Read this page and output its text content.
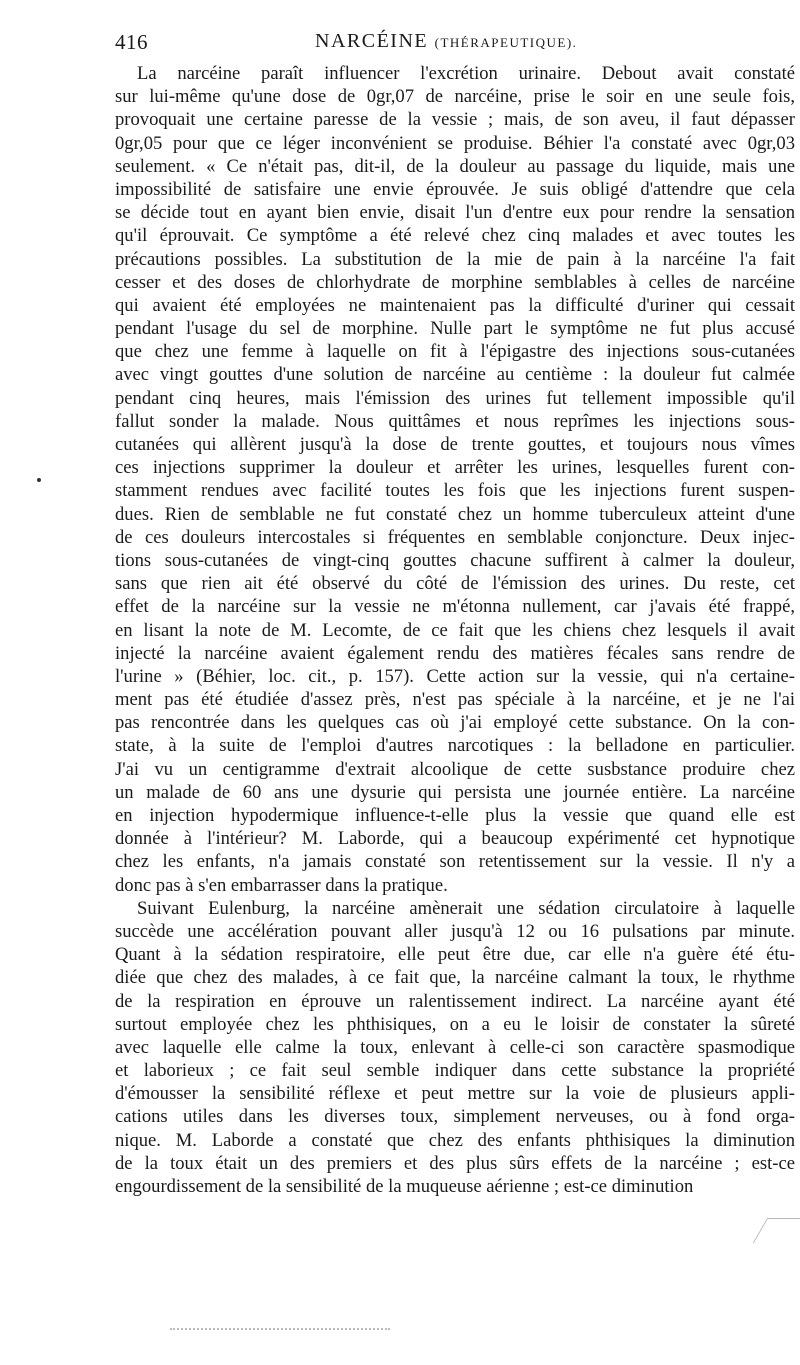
416	NARCÉINE (THÉRAPEUTIQUE).
La narcéine paraît influencer l'excrétion urinaire. Debout avait constaté
sur lui-même qu'une dose de 0gr,07 de narcéine, prise le soir en une seule fois,
provoquait une certaine paresse de la vessie ; mais, de son aveu, il faut dépasser
0gr,05 pour que ce léger inconvénient se produise. Béhier l'a constaté avec 0gr,03
seulement. « Ce n'était pas, dit-il, de la douleur au passage du liquide, mais une
impossibilité de satisfaire une envie éprouvée. Je suis obligé d'attendre que cela
se décide tout en ayant bien envie, disait l'un d'entre eux pour rendre la sensation
qu'il éprouvait. Ce symptôme a été relevé chez cinq malades et avec toutes les
précautions possibles. La substitution de la mie de pain à la narcéine l'a fait
cesser et des doses de chlorhydrate de morphine semblables à celles de narcéine
qui avaient été employées ne maintenaient pas la difficulté d'uriner qui cessait
pendant l'usage du sel de morphine. Nulle part le symptôme ne fut plus accusé
que chez une femme à laquelle on fit à l'épigastre des injections sous-cutanées
avec vingt gouttes d'une solution de narcéine au centième : la douleur fut calmée
pendant cinq heures, mais l'émission des urines fut tellement impossible qu'il
fallut sonder la malade. Nous quittâmes et nous reprîmes les injections sous-
cutanées qui allèrent jusqu'à la dose de trente gouttes, et toujours nous vîmes
ces injections supprimer la douleur et arrêter les urines, lesquelles furent con-
stamment rendues avec facilité toutes les fois que les injections furent suspen-
dues. Rien de semblable ne fut constaté chez un homme tuberculeux atteint d'une
de ces douleurs intercostales si fréquentes en semblable conjoncture. Deux injec-
tions sous-cutanées de vingt-cinq gouttes chacune suffirent à calmer la douleur,
sans que rien ait été observé du côté de l'émission des urines. Du reste, cet
effet de la narcéine sur la vessie ne m'étonna nullement, car j'avais été frappé,
en lisant la note de M. Lecomte, de ce fait que les chiens chez lesquels il avait
injecté la narcéine avaient également rendu des matières fécales sans rendre de
l'urine » (Béhier, loc. cit., p. 157). Cette action sur la vessie, qui n'a certaine-
ment pas été étudiée d'assez près, n'est pas spéciale à la narcéine, et je ne l'ai
pas rencontrée dans les quelques cas où j'ai employé cette substance. On la con-
state, à la suite de l'emploi d'autres narcotiques : la belladone en particulier.
J'ai vu un centigramme d'extrait alcoolique de cette susbstance produire chez
un malade de 60 ans une dysurie qui persista une journée entière. La narcéine
en injection hypodermique influence-t-elle plus la vessie que quand elle est
donnée à l'intérieur? M. Laborde, qui a beaucoup expérimenté cet hypnotique
chez les enfants, n'a jamais constaté son retentissement sur la vessie. Il n'y a
donc pas à s'en embarrasser dans la pratique.
Suivant Eulenburg, la narcéine amènerait une sédation circulatoire à laquelle
succède une accélération pouvant aller jusqu'à 12 ou 16 pulsations par minute.
Quant à la sédation respiratoire, elle peut être due, car elle n'a guère été étu-
diée que chez des malades, à ce fait que, la narcéine calmant la toux, le rhythme
de la respiration en éprouve un ralentissement indirect. La narcéine ayant été
surtout employée chez les phthisiques, on a eu le loisir de constater la sûreté
avec laquelle elle calme la toux, enlevant à celle-ci son caractère spasmodique
et laborieux ; ce fait seul semble indiquer dans cette substance la propriété
d'émousser la sensibilité réflexe et peut mettre sur la voie de plusieurs appli-
cations utiles dans les diverses toux, simplement nerveuses, ou à fond orga-
nique. M. Laborde a constaté que chez des enfants phthisiques la diminution
de la toux était un des premiers et des plus sûrs effets de la narcéine ; est-ce
engourdissement de la sensibilité de la muqueuse aérienne ; est-ce diminution
